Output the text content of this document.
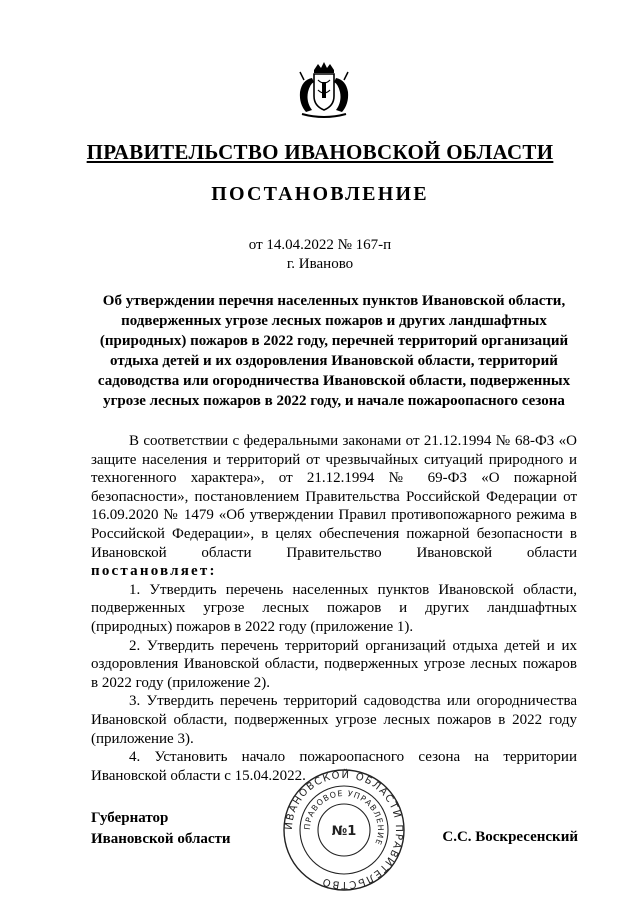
ПРАВИТЕЛЬСТВО ИВАНОВСКОЙ ОБЛАСТИ
ПОСТАНОВЛЕНИЕ
от 14.04.2022 № 167-п
г. Иваново
Об утверждении перечня населенных пунктов Ивановской области,
подверженных угрозе лесных пожаров и других ландшафтных
(природных) пожаров в 2022 году, перечней территорий организаций
отдыха детей и их оздоровления Ивановской области, территорий
садоводства или огородничества Ивановской области, подверженных
угрозе лесных пожаров в 2022 году, и начале пожароопасного сезона

В соответствии с федеральными законами от 21.12.1994 № 68-ФЗ «О защите населения и территорий от чрезвычайных ситуаций природного и техногенного характера», от 21.12.1994 № 69-ФЗ «О пожарной безопасности», постановлением Правительства Российской Федерации от 16.09.2020 № 1479 «Об утверждении Правил противопожарного режима в Российской Федерации», в целях обеспечения пожарной безопасности в Ивановской области Правительство Ивановской области постановляет:

1. Утвердить перечень населенных пунктов Ивановской области, подверженных угрозе лесных пожаров и других ландшафтных (природных) пожаров в 2022 году (приложение 1).

2. Утвердить перечень территорий организаций отдыха детей и их оздоровления Ивановской области, подверженных угрозе лесных пожаров в 2022 году (приложение 2).

3. Утвердить перечень территорий садоводства или огородничества Ивановской области, подверженных угрозе лесных пожаров в 2022 году (приложение 3).

4. Установить начало пожароопасного сезона на территории Ивановской области с 15.04.2022.

Губернатор
Ивановской области	С.С. Воскресенский
ИВАНОВСКОЙ ОБЛАСТИ ПРАВИТЕЛЬСТВО
ПРАВОВОЕ УПРАВЛЕНИЕ
№1
